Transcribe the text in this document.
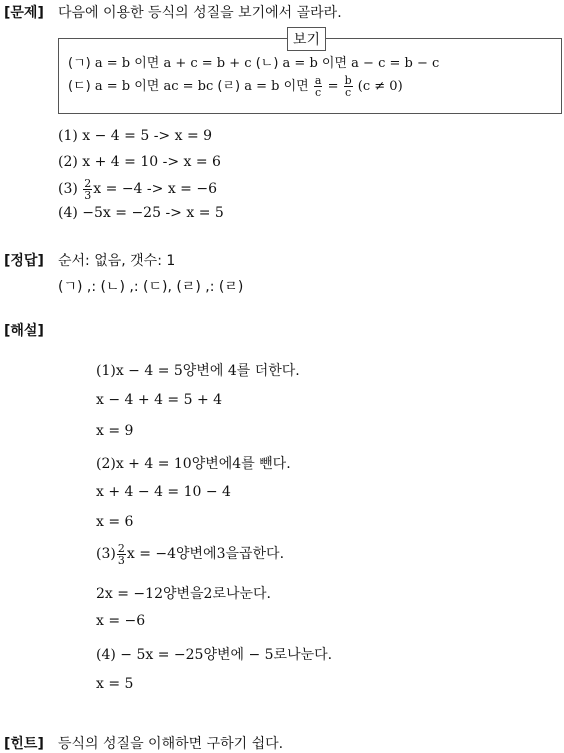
[문제] 다음에 이용한 등식의 성질을 보기에서 골라라.
보기
(ㄱ) a = b 이면 a + c = b + c (ㄴ) a = b 이면 a − c = b − c
(ㄷ) a = b 이면 ac = bc (ㄹ) a = b 이면 $\frac{a}{c} = \frac{b}{c} (c \ne 0)$
(1) x − 4 = 5 -> x = 9
(2) x + 4 = 10 -> x = 6
$(3) \frac{2}{3}$ x = −4 -> x = −6
(4) −5x = −25 -> x = 5
[정답] 순서: 없음, 갯수: 1
(ㄱ) ,: (ㄴ) ,: (ㄷ), (ㄹ) ,: (ㄹ)
[해설]
(1)x − 4 = 5양변에 4를 더한다.
x − 4 + 4 = 5 + 4
x = 9
(2)x + 4 = 10양변에4를 뺀다.
x + 4 − 4 = 10 − 4
x = 6
$(3) \frac{2}{3}$ x = −4양변에3을곱한다.
2x = −12양변을2로나눈다.
x = −6
(4) − 5x = −25양변에 − 5로나눈다.
x = 5
[힌트] 등식의 성질을 이해하면 구하기 쉽다.
